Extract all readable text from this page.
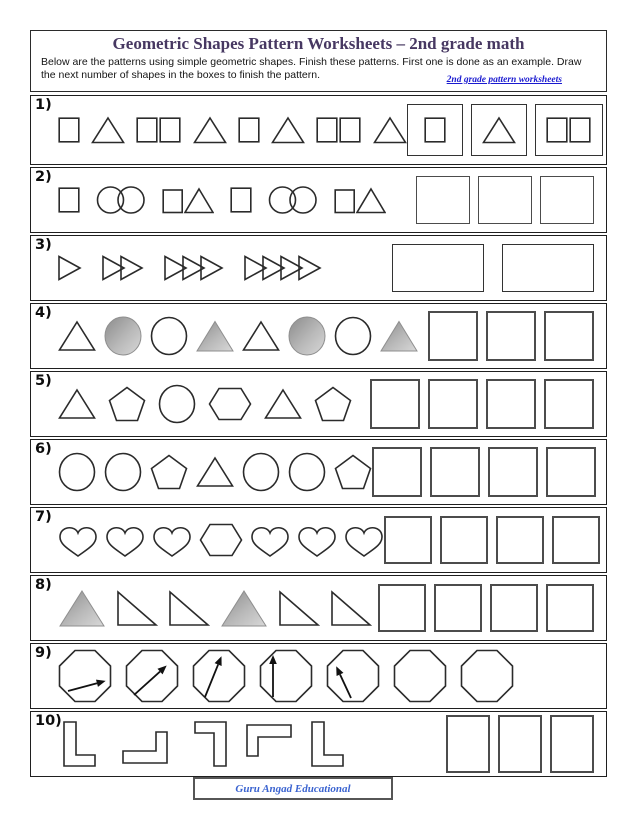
Geometric Shapes Pattern Worksheets – 2nd grade math

Below are the patterns using simple geometric shapes. Finish these patterns. First one is done as an example. Draw the next number of shapes in the boxes to finish the pattern.	2nd grade pattern worksheets
1)
2)
3)
4)
5)
6)
7)
8)
9)
10)
Guru Angad Educational
